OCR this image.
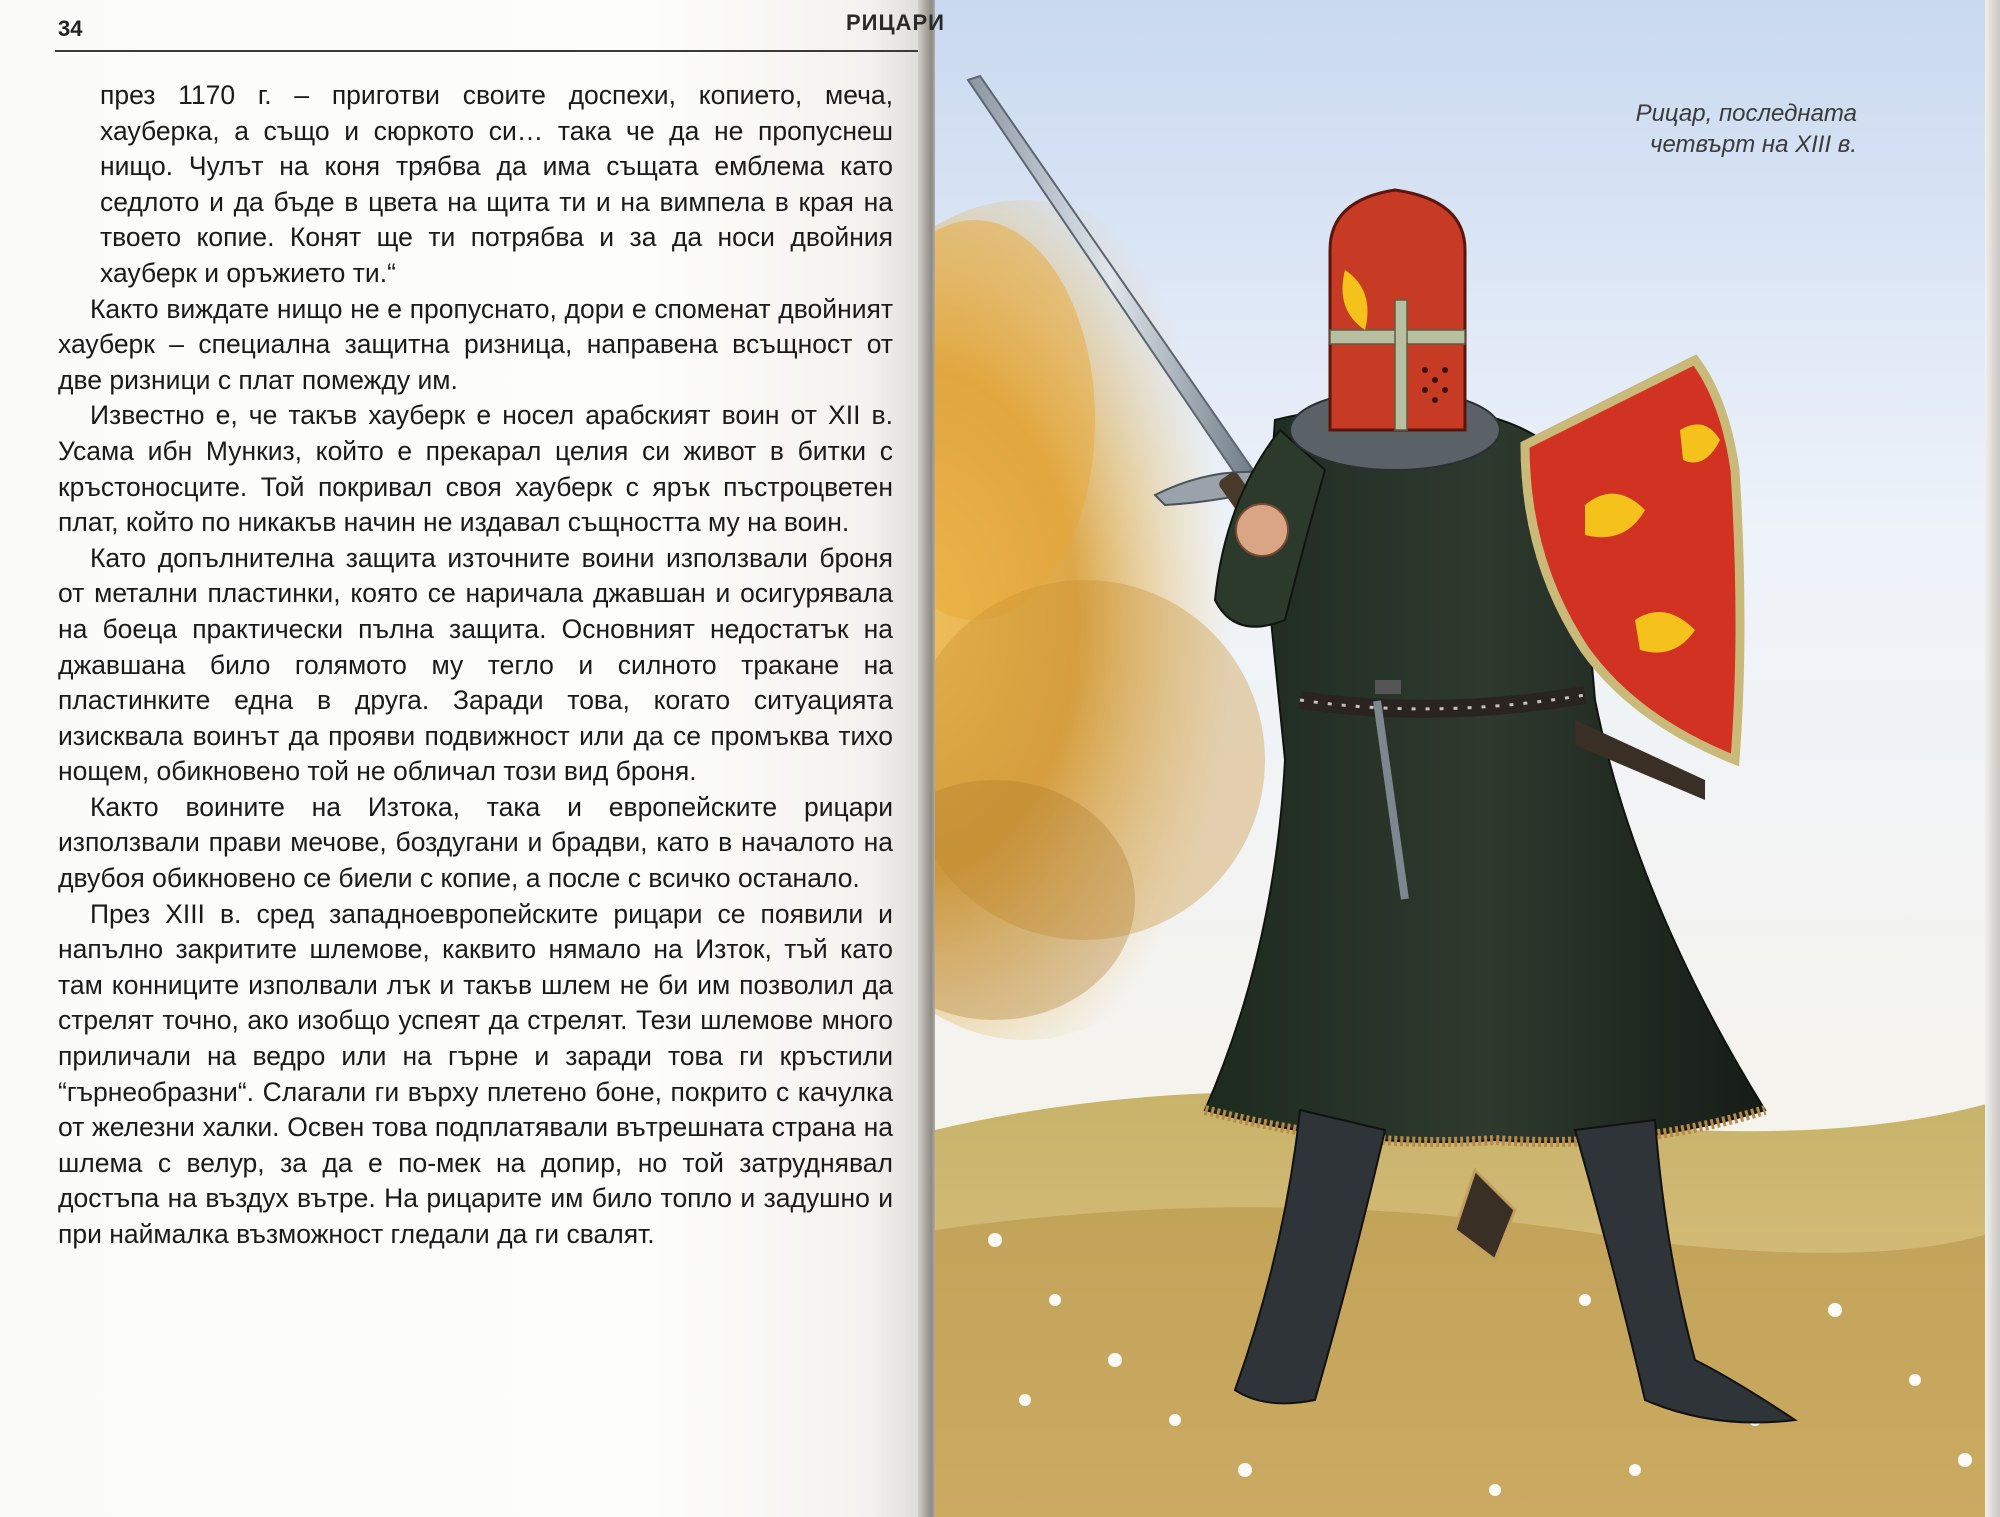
34

през 1170 г. – приготви своите доспехи, копието, меча, хауберка, а също и сюркото си… така че да не пропуснеш нищо. Чулът на коня трябва да има същата емблема като седлото и да бъде в цвета на щита ти и на вимпела в края на твоето копие. Конят ще ти потрябва и за да носи двойния хауберк и оръжието ти.“

Както виждате нищо не е пропуснато, дори е споменат двойният хауберк – специална защитна ризница, направена всъщност от две ризници с плат помежду им.

Известно е, че такъв хауберк е носел арабският воин от XII в. Усама ибн Мункиз, който е прекарал целия си живот в битки с кръстоносците. Той покривал своя хауберк с ярък пъстроцветен плат, който по никакъв начин не издавал същността му на воин.

Като допълнителна защита източните воини използвали броня от метални пластинки, която се наричала джавшан и осигурявала на боеца практически пълна защита. Основният недостатък на джавшана било голямото му тегло и силното тракане на пластинките една в друга. Заради това, когато ситуацията изисквала воинът да прояви подвижност или да се промъква тихо нощем, обикновено той не обличал този вид броня.

Както воините на Изтока, така и европейските рицари използвали прави мечове, боздугани и брадви, като в началото на двубоя обикновено се биели с копие, а после с всичко останало.

През XIII в. сред западноевропейските рицари се появили и напълно закритите шлемове, каквито нямало на Изток, тъй като там конниците изполвали лък и такъв шлем не би им позволил да стрелят точно, ако изобщо успеят да стрелят. Тези шлемове много приличали на ведро или на гърне и заради това ги кръстили “гърнеобразни“. Слагали ги върху плетено боне, покрито с качулка от железни халки. Освен това подплатявали вътрешната страна на шлема с велур, за да е по-мек на допир, но той затруднявал достъпа на въздух вътре. На рицарите им било топло и задушно и при наймалка възможност гледали да ги свалят.

Рицар, последната
четвърт на XIII в.
РИЦАРИ
